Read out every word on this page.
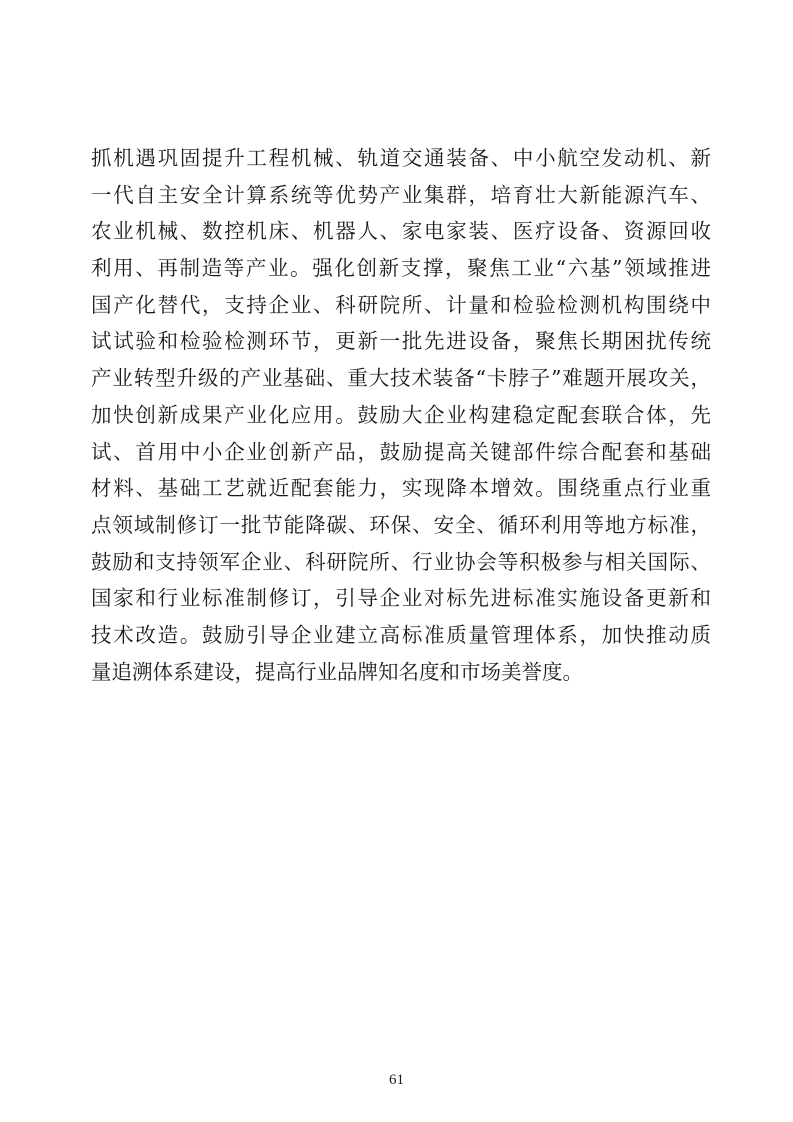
抓机遇巩固提升工程机械、轨道交通装备、中小航空发动机、新
一代自主安全计算系统等优势产业集群，培育壮大新能源汽车、
农业机械、数控机床、机器人、家电家装、医疗设备、资源回收
利用、再制造等产业。强化创新支撑，聚焦工业“六基”领域推进
国产化替代，支持企业、科研院所、计量和检验检测机构围绕中
试试验和检验检测环节，更新一批先进设备，聚焦长期困扰传统
产业转型升级的产业基础、重大技术装备“卡脖子”难题开展攻关，
加快创新成果产业化应用。鼓励大企业构建稳定配套联合体，先
试、首用中小企业创新产品，鼓励提高关键部件综合配套和基础
材料、基础工艺就近配套能力，实现降本增效。围绕重点行业重
点领域制修订一批节能降碳、环保、安全、循环利用等地方标准，
鼓励和支持领军企业、科研院所、行业协会等积极参与相关国际、
国家和行业标准制修订，引导企业对标先进标准实施设备更新和
技术改造。鼓励引导企业建立高标准质量管理体系，加快推动质
量追溯体系建设，提高行业品牌知名度和市场美誉度。
61
